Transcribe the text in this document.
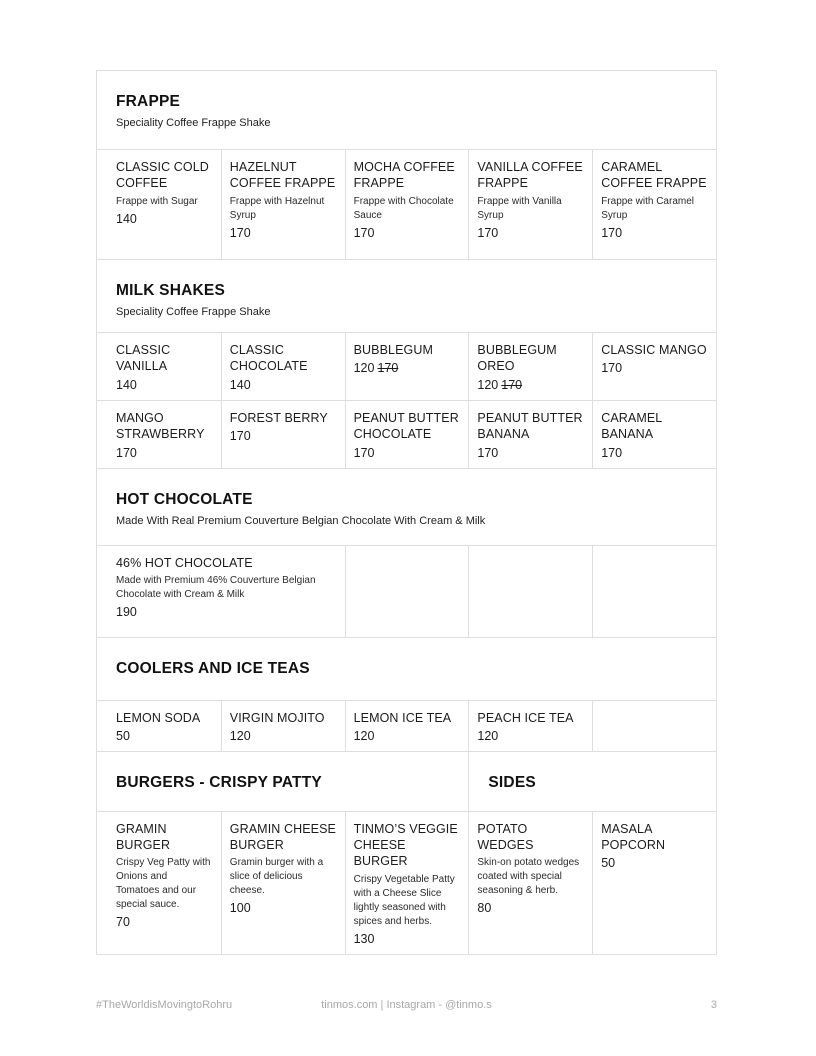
FRAPPE
Speciality Coffee Frappe Shake
CLASSIC COLD COFFEE
Frappe with Sugar
140
HAZELNUT COFFEE FRAPPE
Frappe with Hazelnut Syrup
170
MOCHA COFFEE FRAPPE
Frappe with Chocolate Sauce
170
VANILLA COFFEE FRAPPE
Frappe with Vanilla Syrup
170
CARAMEL COFFEE FRAPPE
Frappe with Caramel Syrup
170
MILK SHAKES
Speciality Coffee Frappe Shake
CLASSIC VANILLA
140
CLASSIC CHOCOLATE
140
BUBBLEGUM
120 170
BUBBLEGUM OREO
120 170
CLASSIC MANGO
170
MANGO STRAWBERRY
170
FOREST BERRY
170
PEANUT BUTTER CHOCOLATE
170
PEANUT BUTTER BANANA
170
CARAMEL BANANA
170
HOT CHOCOLATE
Made With Real Premium Couverture Belgian Chocolate With Cream & Milk
46% HOT CHOCOLATE
Made with Premium 46% Couverture Belgian Chocolate with Cream & Milk
190
COOLERS AND ICE TEAS
LEMON SODA
50
VIRGIN MOJITO
120
LEMON ICE TEA
120
PEACH ICE TEA
120
BURGERS - CRISPY PATTY	SIDES
GRAMIN BURGER
Crispy Veg Patty with Onions and Tomatoes and our special sauce.
70
GRAMIN CHEESE BURGER
Gramin burger with a slice of delicious cheese.
100
TINMO’S VEGGIE CHEESE BURGER
Crispy Vegetable Patty with a Cheese Slice lightly seasoned with spices and herbs.
130
POTATO WEDGES
Skin-on potato wedges coated with special seasoning & herb.
80
MASALA POPCORN
50
tinmos.com | Instagram - @tinmo.s
#TheWorldisMovingtoRohru	3
